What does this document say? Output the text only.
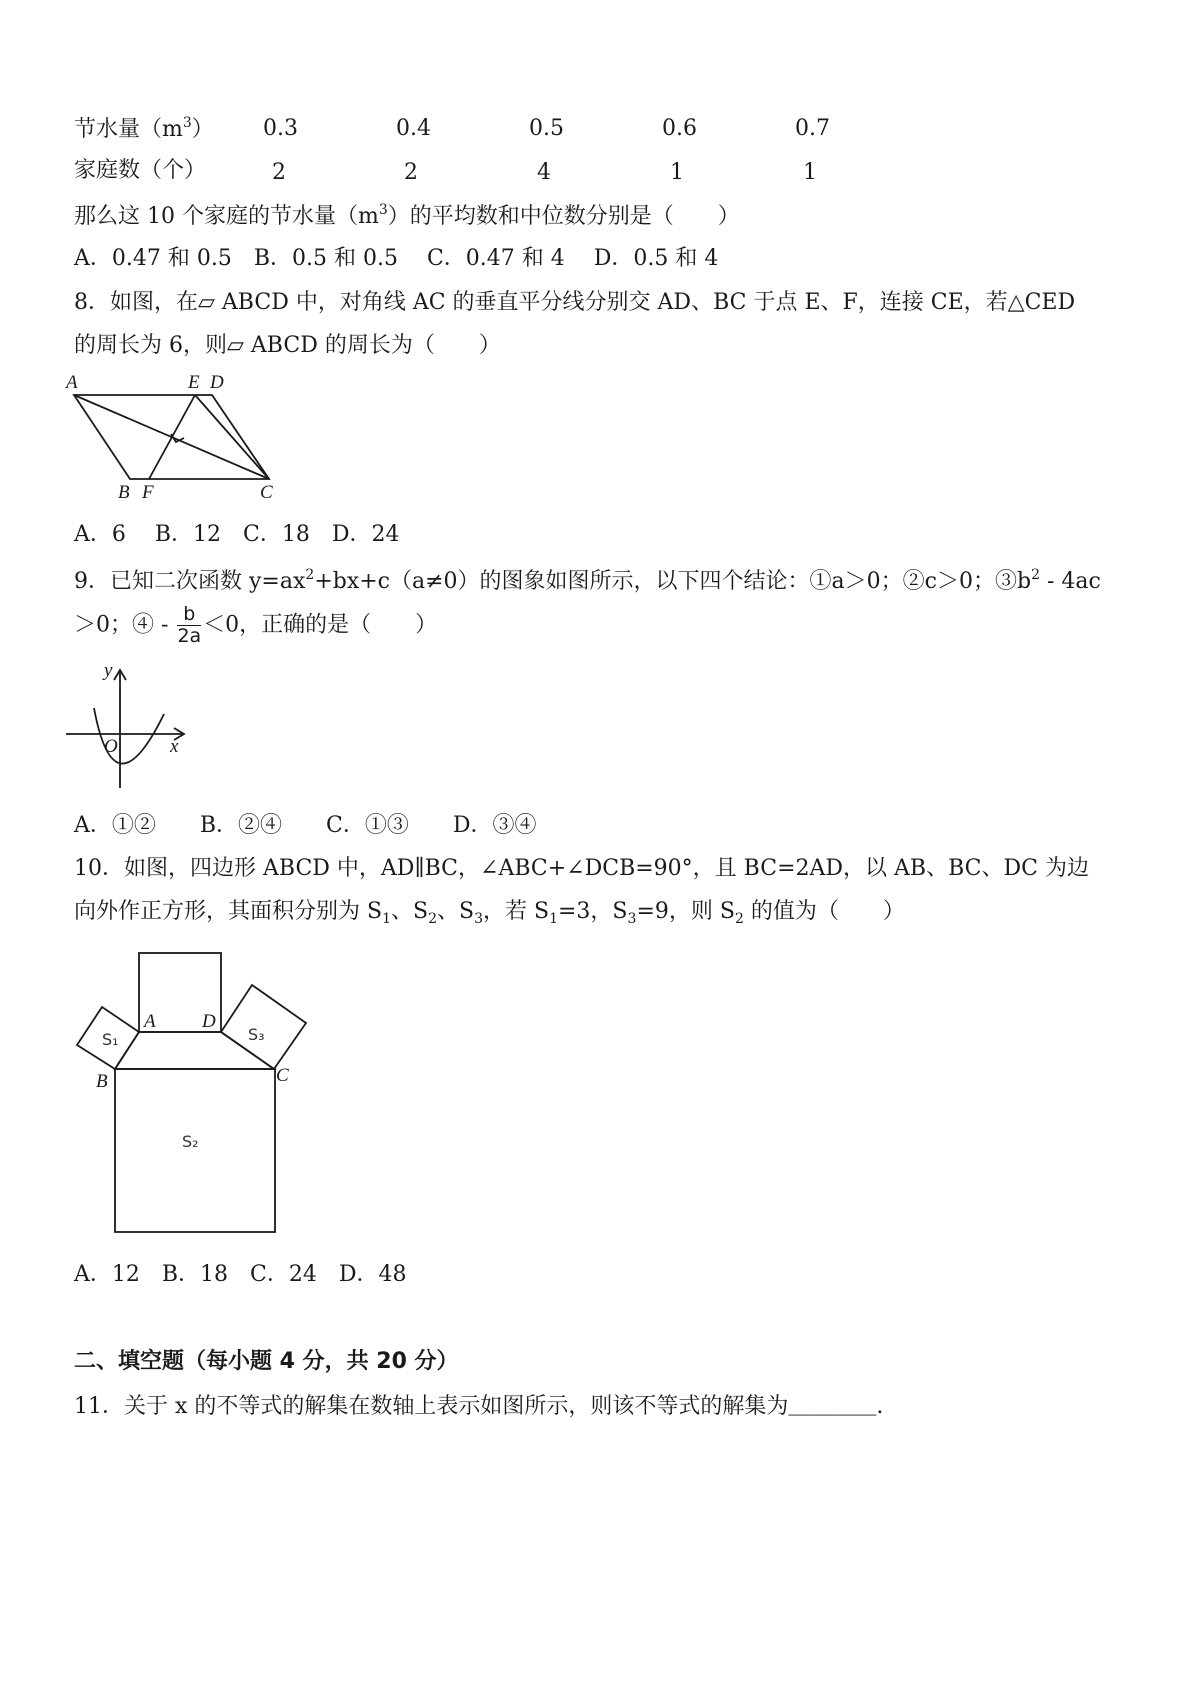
节水量$(m^3)$ 0.3	0.4	0.5	0.6	0.7
家庭数（个）	2	2	4	1	1
那么这 10 个家庭的节水量$(m^3)$的平均数和中位数分别是（　　）
A．0.47 和 0.5　B．0.5 和 0.5　 C．0.47 和 4　 D．0.5 和 4
8．如图，在▱ ABCD 中，对角线 AC 的垂直平分线分别交 AD、BC 于点 E、F，连接 CE，若△CED
的周长为 6，则▱ ABCD 的周长为（　　）
A	E D
B F	C
A．6　 B．12　C．18　D．24
9．已知二次函数 $y=ax^2+bx+c(a\ne 0)$的图象如图所示，以下四个结论：①a＞0；②c＞0；$③b^2 - 4ac$
＞0；④ - $\frac{b}{2a} <0$，正确的是（　　）
y
x
O
A．①②　　B．②④　　C．①③　　D．③④
10．如图，四边形 ABCD 中，AD∥BC，∠ABC+∠DCB=90°，且 BC=2AD，以 AB、BC、DC 为边
向外作正方形，其面积分别为 $S_1$、$S_2$、$S_3$，若 $S_1=3$，$S_3=9$，则 $S_2$ 的值为（　　）
A D
B	C
S₁	S₃
S₂
A．12　B．18　C．24　D．48
二、填空题（每小题 4 分，共 20 分）
11．关于 x 的不等式的解集在数轴上表示如图所示，则该不等式的解集为＿＿＿＿.
